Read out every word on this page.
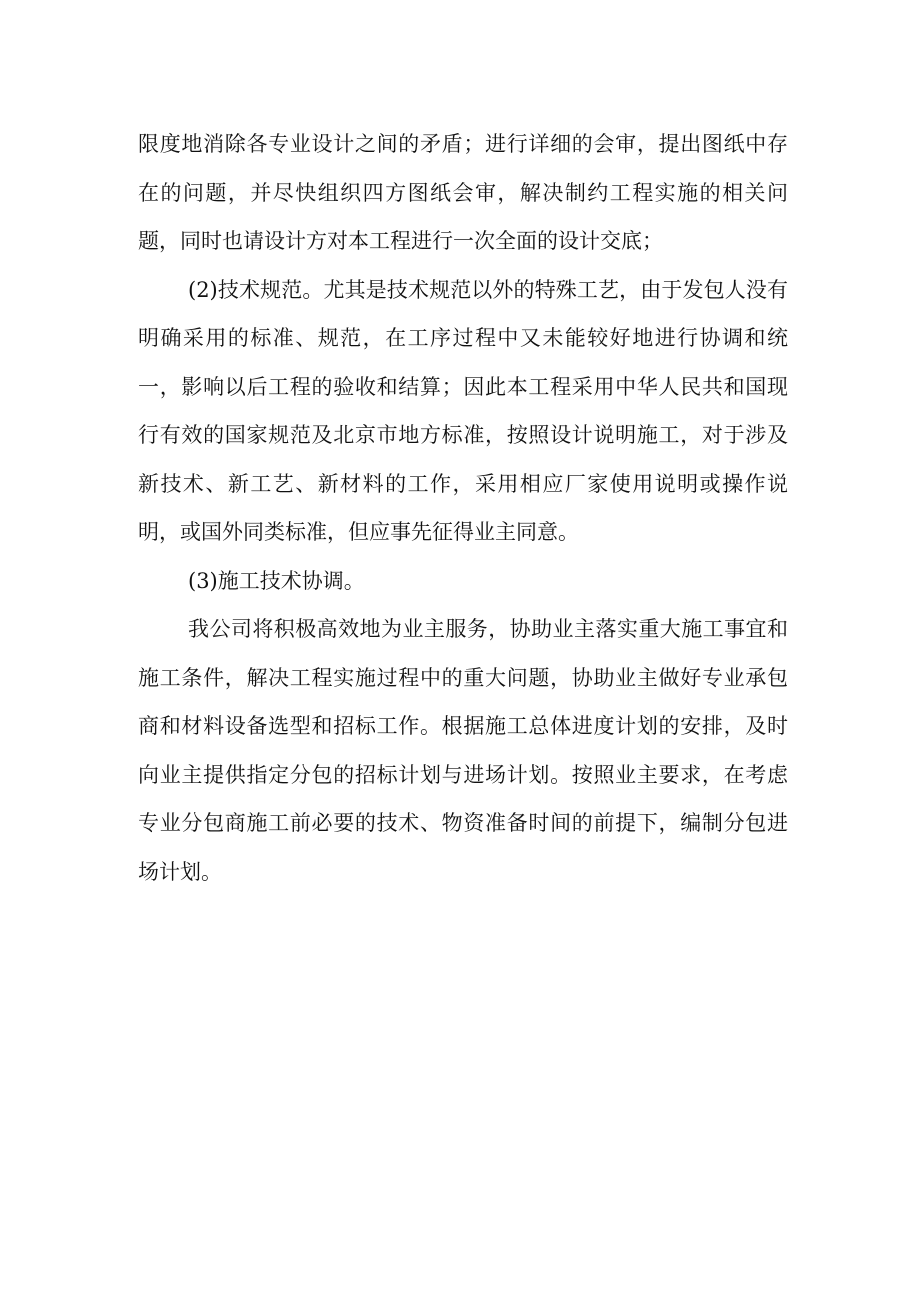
限度地消除各专业设计之间的矛盾；进行详细的会审，提出图纸中存在的问题，并尽快组织四方图纸会审，解决制约工程实施的相关问题，同时也请设计方对本工程进行一次全面的设计交底；

(2)技术规范。尤其是技术规范以外的特殊工艺，由于发包人没有明确采用的标准、规范，在工序过程中又未能较好地进行协调和统一，影响以后工程的验收和结算；因此本工程采用中华人民共和国现行有效的国家规范及北京市地方标准，按照设计说明施工，对于涉及新技术、新工艺、新材料的工作，采用相应厂家使用说明或操作说明，或国外同类标准，但应事先征得业主同意。

(3)施工技术协调。

我公司将积极高效地为业主服务，协助业主落实重大施工事宜和施工条件，解决工程实施过程中的重大问题，协助业主做好专业承包商和材料设备选型和招标工作。根据施工总体进度计划的安排，及时向业主提供指定分包的招标计划与进场计划。按照业主要求，在考虑专业分包商施工前必要的技术、物资准备时间的前提下，编制分包进场计划。
